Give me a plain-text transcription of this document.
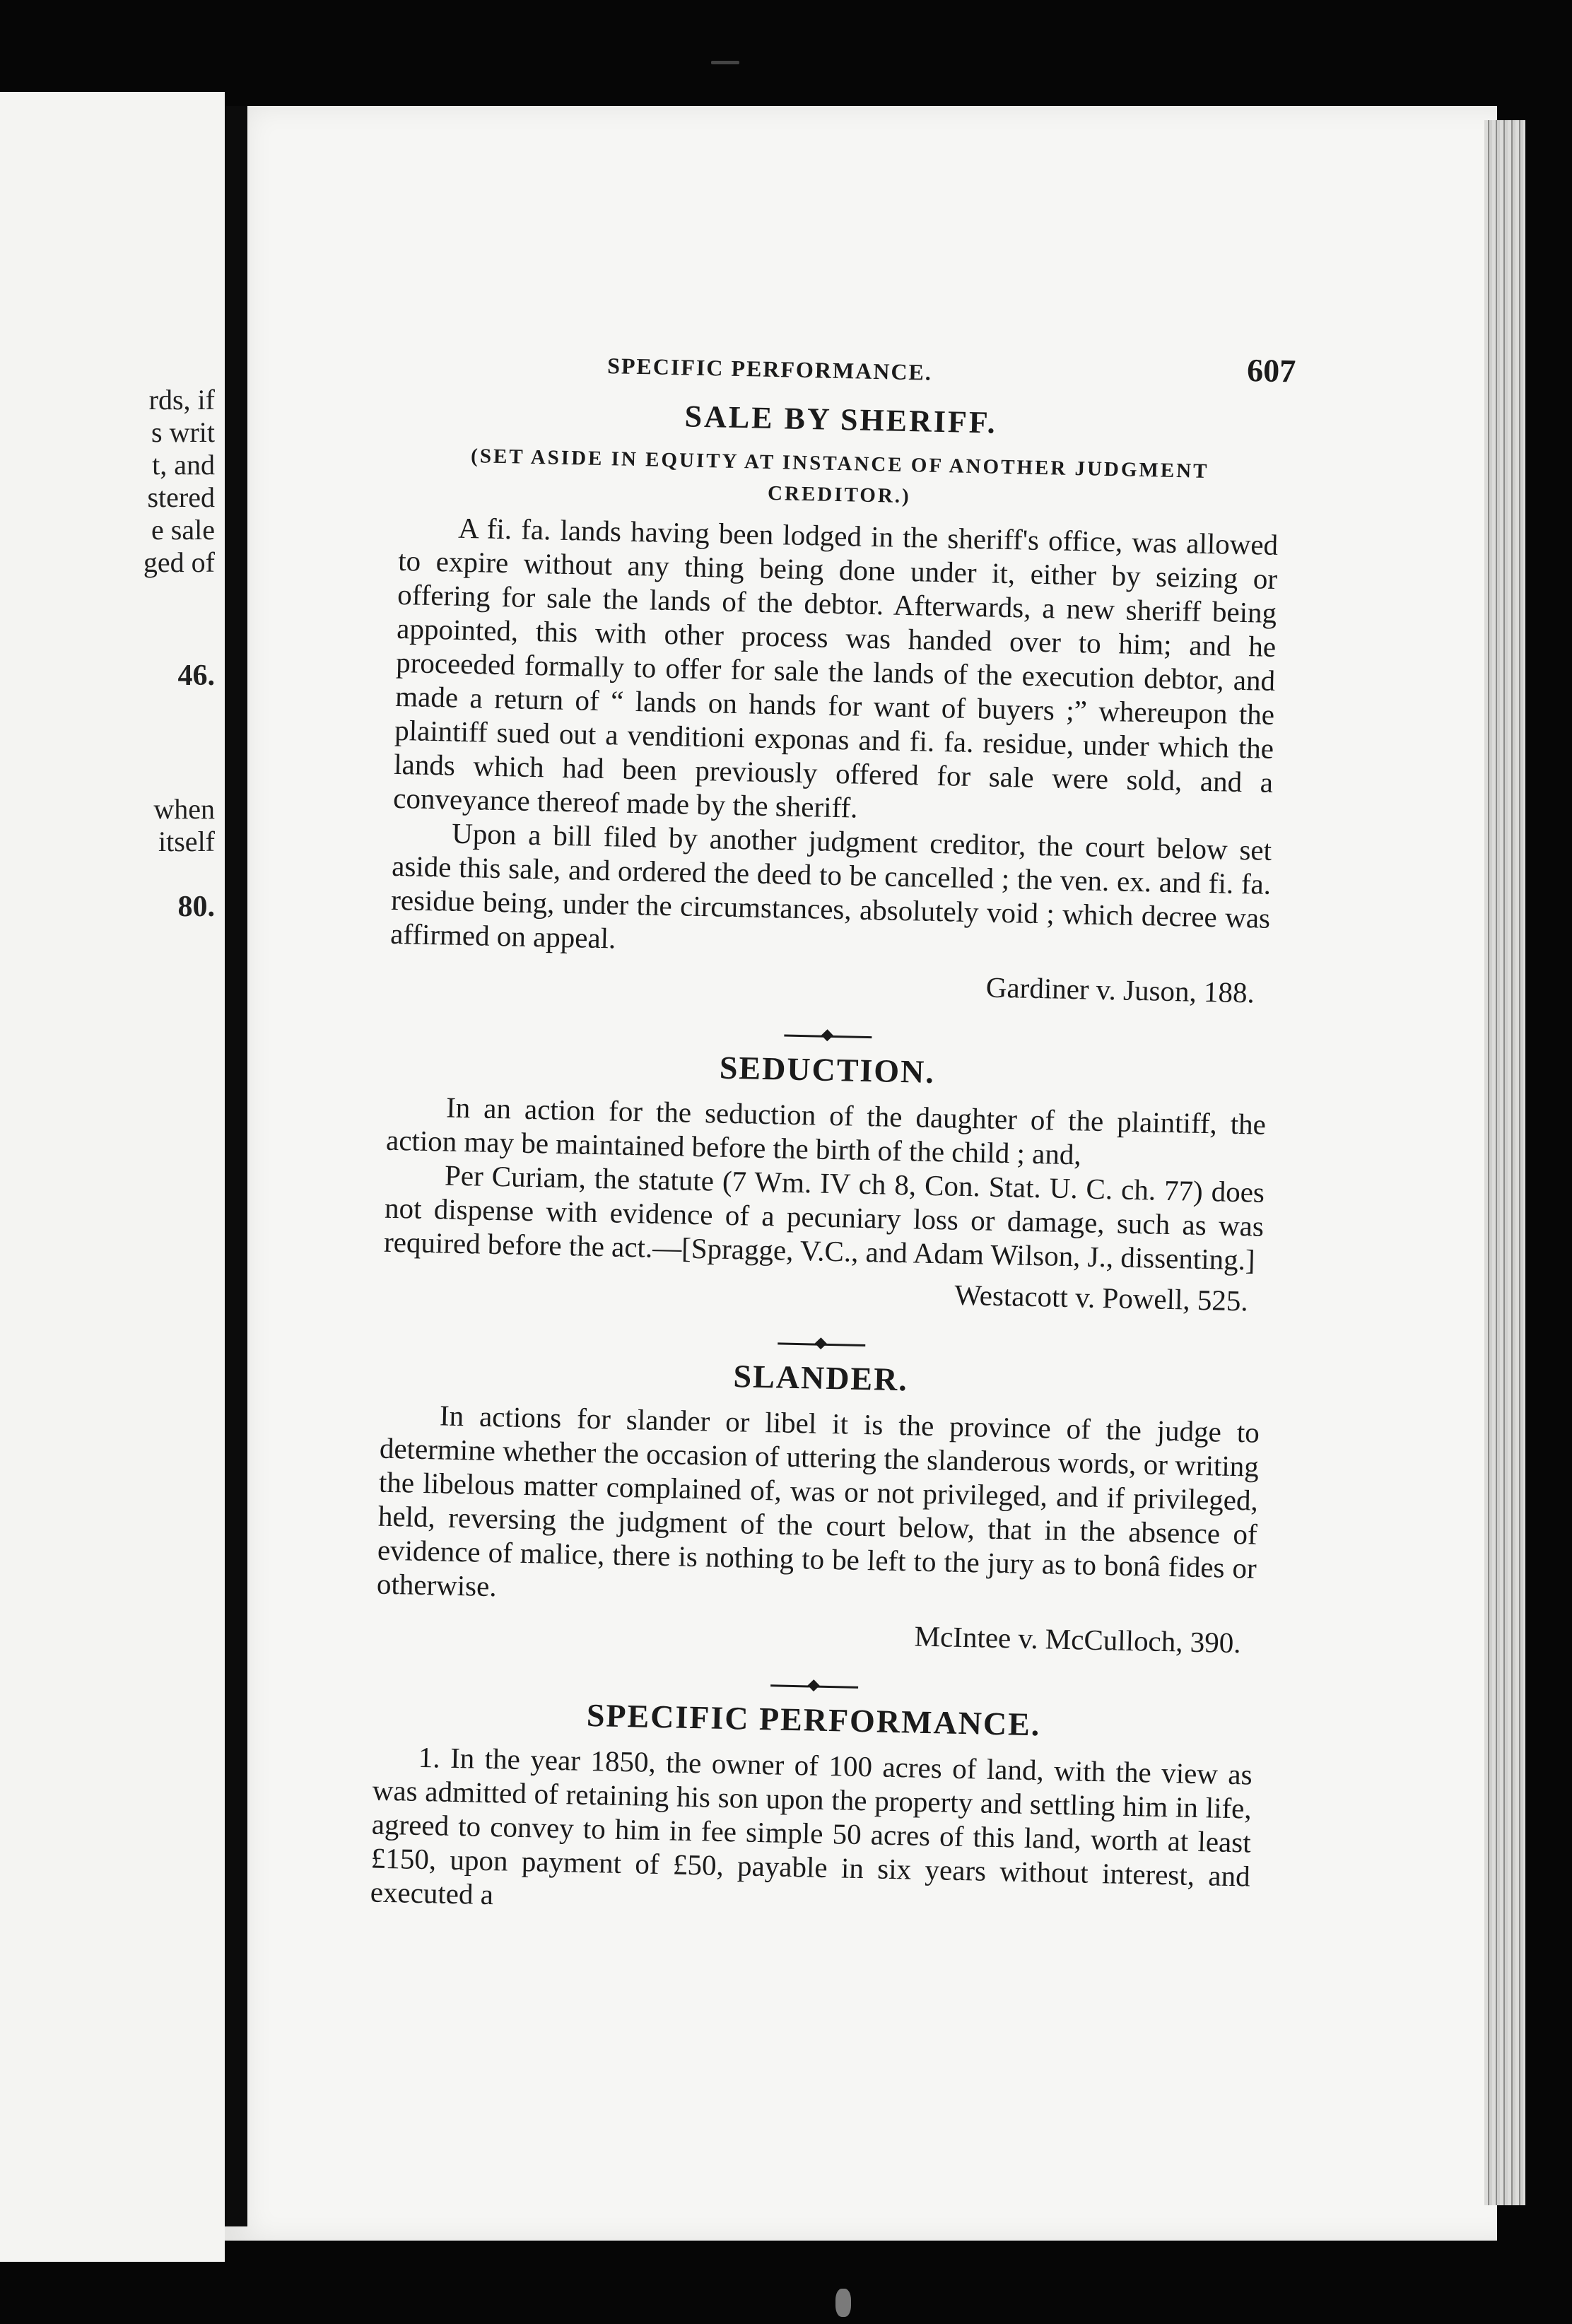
rds, if

s writ

t, and

stered

e sale

ged of

46.

when

itself

80.

SPECIFIC PERFORMANCE.	607

SALE BY SHERIFF.

(SET ASIDE IN EQUITY AT INSTANCE OF ANOTHER JUDGMENT CREDITOR.)

A fi. fa. lands having been lodged in the sheriff's office, was allowed to expire without any thing being done under it, either by seizing or offering for sale the lands of the debtor. Afterwards, a new sheriff being appointed, this with other process was handed over to him; and he proceeded formally to offer for sale the lands of the execution debtor, and made a return of “ lands on hands for want of buyers ;” whereupon the plaintiff sued out a venditioni exponas and fi. fa. residue, under which the lands which had been previously offered for sale were sold, and a conveyance thereof made by the sheriff.

Upon a bill filed by another judgment creditor, the court below set aside this sale, and ordered the deed to be cancelled ; the ven. ex. and fi. fa. residue being, under the circumstances, absolutely void ; which decree was affirmed on appeal.

Gardiner v. Juson, 188.

SEDUCTION.

In an action for the seduction of the daughter of the plaintiff, the action may be maintained before the birth of the child ; and,

Per Curiam, the statute (7 Wm. IV ch 8, Con. Stat. U. C. ch. 77) does not dispense with evidence of a pecuniary loss or damage, such as was required before the act.—[Spragge, V.C., and Adam Wilson, J., dissenting.]

Westacott v. Powell, 525.

SLANDER.

In actions for slander or libel it is the province of the judge to determine whether the occasion of uttering the slanderous words, or writing the libelous matter complained of, was or not privileged, and if privileged, held, reversing the judgment of the court below, that in the absence of evidence of malice, there is nothing to be left to the jury as to bonâ fides or otherwise.

McIntee v. McCulloch, 390.

SPECIFIC PERFORMANCE.

1. In the year 1850, the owner of 100 acres of land, with the view as was admitted of retaining his son upon the property and settling him in life, agreed to convey to him in fee simple 50 acres of this land, worth at least £150, upon payment of £50, payable in six years without interest, and executed a
